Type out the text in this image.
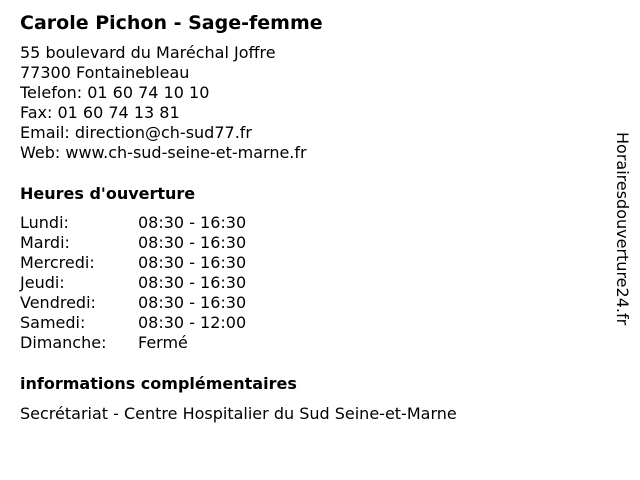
Carole Pichon - Sage-femme
55 boulevard du Maréchal Joffre
77300 Fontainebleau
Telefon: 01 60 74 10 10
Fax: 01 60 74 13 81
Email: direction@ch-sud77.fr
Web: www.ch-sud-seine-et-marne.fr
Heures d'ouverture
Lundi:	08:30 - 16:30
Mardi:	08:30 - 16:30
Mercredi:	08:30 - 16:30
Jeudi:	08:30 - 16:30
Vendredi:	08:30 - 16:30
Samedi:	08:30 - 12:00
Dimanche:	Fermé
informations complémentaires
Secrétariat - Centre Hospitalier du Sud Seine-et-Marne
Horairesdouverture24.fr
